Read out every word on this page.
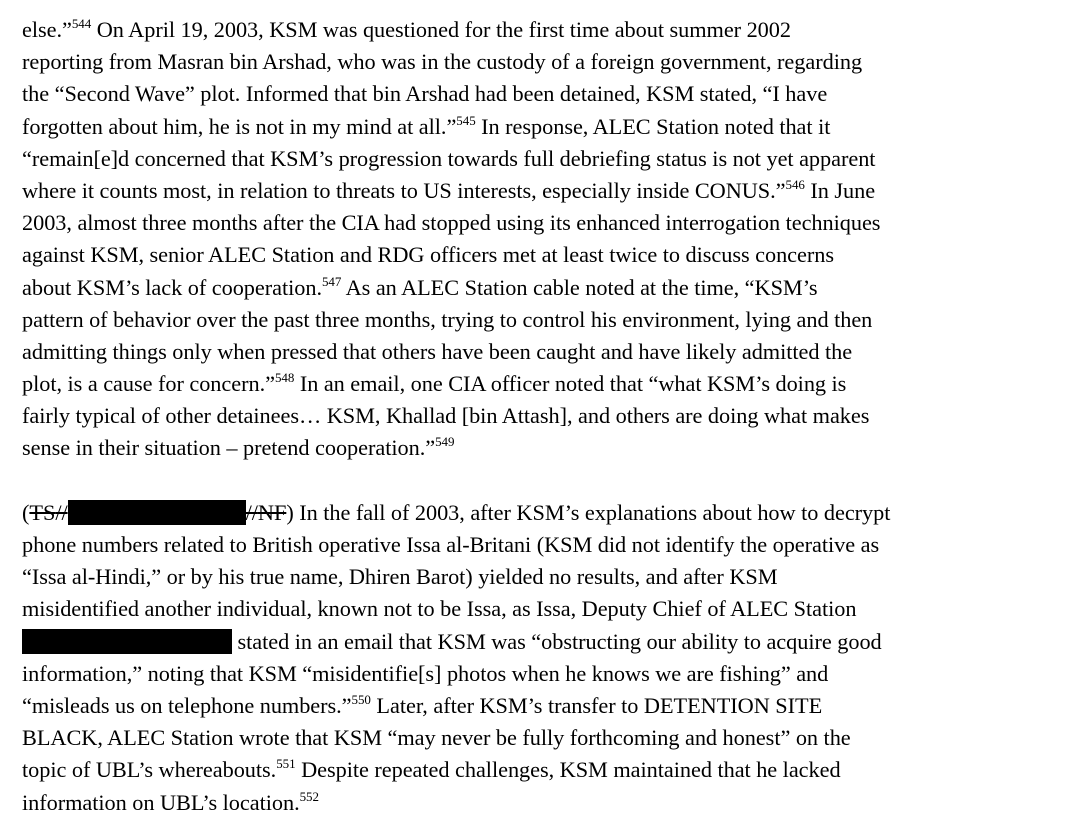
else.”$^{544}$ On April 19, 2003, KSM was questioned for the first time about summer 2002
reporting from Masran bin Arshad, who was in the custody of a foreign government, regarding
the “Second Wave” plot. Informed that bin Arshad had been detained, KSM stated, “I have
forgotten about him, he is not in my mind at all.”$^{545}$ In response, ALEC Station noted that it
“remain[e]d concerned that KSM’s progression towards full debriefing status is not yet apparent
where it counts most, in relation to threats to US interests, especially inside CONUS.”$^{546}$ In June
2003, almost three months after the CIA had stopped using its enhanced interrogation techniques
against KSM, senior ALEC Station and RDG officers met at least twice to discuss concerns
about KSM’s lack of cooperation.$^{547}$ As an ALEC Station cable noted at the time, “KSM’s
pattern of behavior over the past three months, trying to control his environment, lying and then
admitting things only when pressed that others have been caught and have likely admitted the
plot, is a cause for concern.”$^{548}$ In an email, one CIA officer noted that “what KSM’s doing is
fairly typical of other detainees… KSM, Khallad [bin Attash], and others are doing what makes
sense in their situation – pretend cooperation.”$^{549}$
(TS//	//NF) In the fall of 2003, after KSM’s explanations about how to decrypt
phone numbers related to British operative Issa al-Britani (KSM did not identify the operative as
“Issa al-Hindi,” or by his true name, Dhiren Barot) yielded no results, and after KSM
misidentified another individual, known not to be Issa, as Issa, Deputy Chief of ALEC Station
stated in an email that KSM was “obstructing our ability to acquire good
information,” noting that KSM “misidentifie[s] photos when he knows we are fishing” and
“misleads us on telephone numbers.”$^{550}$ Later, after KSM’s transfer to DETENTION SITE
BLACK, ALEC Station wrote that KSM “may never be fully forthcoming and honest” on the
topic of UBL’s whereabouts.$^{551}$ Despite repeated challenges, KSM maintained that he lacked
information on UBL’s location.$^{552}$
